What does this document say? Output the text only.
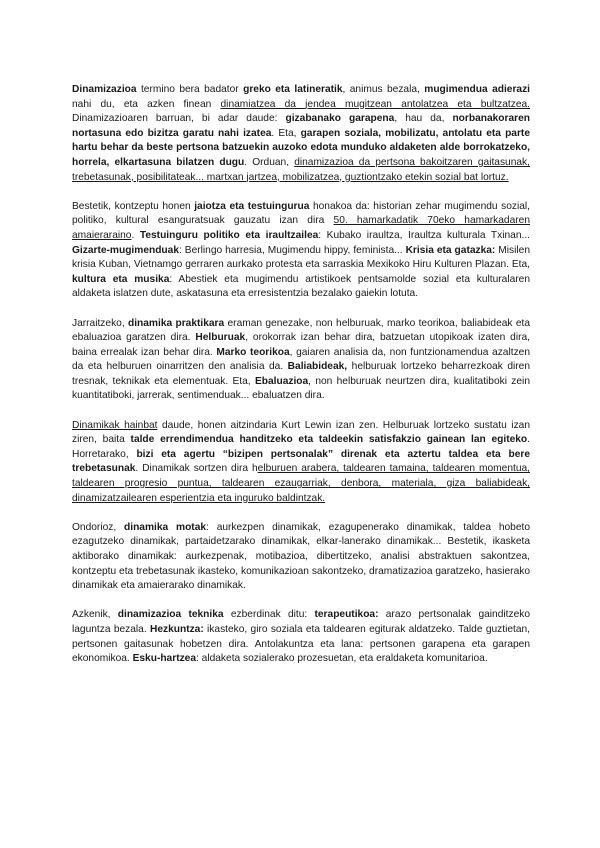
Dinamizazioa termino bera badator greko eta latineratik, animus bezala, mugimendua adierazi nahi du, eta azken finean dinamiatzea da jendea mugitzean antolatzea eta bultzatzea. Dinamizazioaren barruan, bi adar daude: gizabanako garapena, hau da, norbanakoraren nortasuna edo bizitza garatu nahi izatea. Eta, garapen soziala, mobilizatu, antolatu eta parte hartu behar da beste pertsona batzuekin auzoko edota munduko aldaketen alde borrokatzeko, horrela, elkartasuna bilatzen dugu. Orduan, dinamizazioa da pertsona bakoitzaren gaitasunak, trebetasunak, posibilitateak... martxan jartzea, mobilizatzea, guztiontzako etekin sozial bat lortuz.

Bestetik, kontzeptu honen jaiotza eta testuingurua honakoa da: historian zehar mugimendu sozial, politiko, kultural esanguratsuak gauzatu izan dira 50. hamarkadatik 70eko hamarkadaren amaieraraino. Testuinguru politiko eta iraultzailea: Kubako iraultza, Iraultza kulturala Txinan... Gizarte-mugimenduak: Berlingo harresia, Mugimendu hippy, feminista... Krisia eta gatazka: Misilen krisia Kuban, Vietnamgo gerraren aurkako protesta eta sarraskia Mexikoko Hiru Kulturen Plazan. Eta, kultura eta musika: Abestiek eta mugimendu artistikoek pentsamolde sozial eta kulturalaren aldaketa islatzen dute, askatasuna eta erresistentzia bezalako gaiekin lotuta.

Jarraitzeko, dinamika praktikara eraman genezake, non helburuak, marko teorikoa, baliabideak eta ebaluazioa garatzen dira. Helburuak, orokorrak izan behar dira, batzuetan utopikoak izaten dira, baina errealak izan behar dira. Marko teorikoa, gaiaren analisia da, non funtzionamendua azaltzen da eta helburuen oinarritzen den analisia da. Baliabideak, helburuak lortzeko beharrezkoak diren tresnak, teknikak eta elementuak. Eta, Ebaluazioa, non helburuak neurtzen dira, kualitatiboki zein kuantitatiboki, jarrerak, sentimenduak... ebaluatzen dira.

Dinamikak hainbat daude, honen aitzindaria Kurt Lewin izan zen. Helburuak lortzeko sustatu izan ziren, baita talde errendimendua handitzeko eta taldeekin satisfakzio gainean lan egiteko. Horretarako, bizi eta agertu “bizipen pertsonalak” direnak eta aztertu taldea eta bere trebetasunak. Dinamikak sortzen dira helburuen arabera, taldearen tamaina, taldearen momentua, taldearen progresio puntua, taldearen ezaugarriak, denbora, materiala, giza baliabideak, dinamizatzailearen esperientzia eta inguruko baldintzak.

Ondorioz, dinamika motak: aurkezpen dinamikak, ezagupenerako dinamikak, taldea hobeto ezagutzeko dinamikak, partaidetzarako dinamikak, elkar-lanerako dinamikak... Bestetik, ikasketa aktiborako dinamikak: aurkezpenak, motibazioa, dibertitzeko, analisi abstraktuen sakontzea, kontzeptu eta trebetasunak ikasteko, komunikazioan sakontzeko, dramatizazioa garatzeko, hasierako dinamikak eta amaierarako dinamikak.

Azkenik, dinamizazioa teknika ezberdinak ditu: terapeutikoa: arazo pertsonalak gainditzeko laguntza bezala. Hezkuntza: ikasteko, giro soziala eta taldearen egiturak aldatzeko. Talde guztietan, pertsonen gaitasunak hobetzen dira. Antolakuntza eta lana: pertsonen garapena eta garapen ekonomikoa. Esku-hartzea: aldaketa sozialerako prozesuetan, eta eraldaketa komunitarioa.
